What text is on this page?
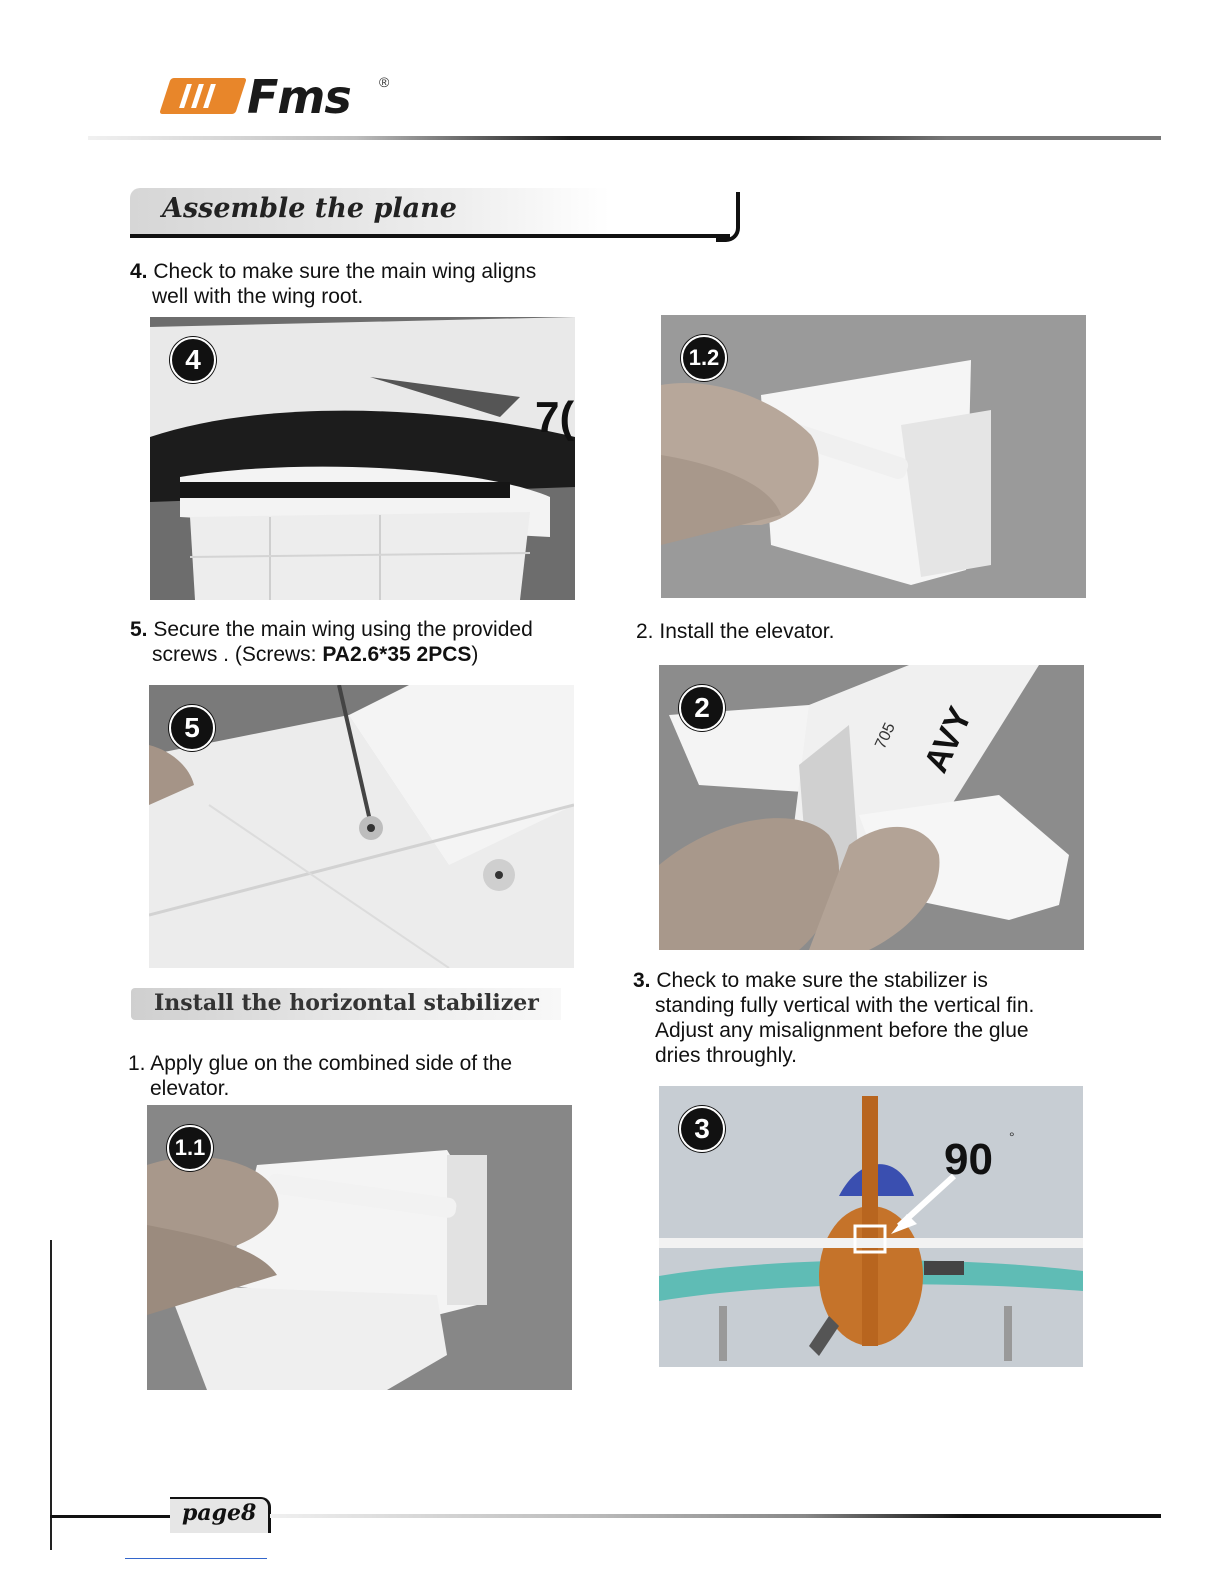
Fms ®
Assemble the plane
4. Check to make sure the main wing aligns
well with the wing root.
7(
4	1.2
5. Secure the main wing using the provided
screws . (Screws: PA2.6*35 2PCS)
2. Install the elevator.
5	705 AVY
2
Install the horizontal stabilizer
3. Check to make sure the stabilizer is
standing fully vertical with the vertical fin.
Adjust any misalignment before the glue
dries throughly.
1. Apply glue on the combined side of the
elevator.
1.1	90 °
3
page8
